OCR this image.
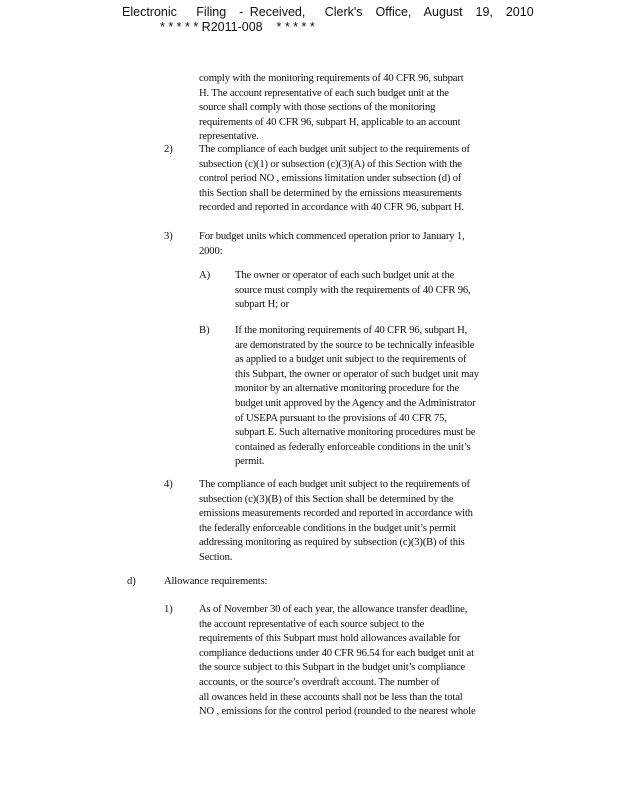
Electronic   Filing  - Received,   Clerk's  Office,  August  19,  2010
* * * * * R2011-008    * * * * *
comply with the monitoring requirements of 40 CFR 96, subpart
H. The account representative of each such budget unit at the
source shall comply with those sections of the monitoring
requirements of 40 CFR 96, subpart H, applicable to an account
representative.
2) The compliance of each budget unit subject to the requirements of
subsection (c)(1) or subsection (c)(3)(A) of this Section with the
control period NO , emissions limitation under subsection (d) of
this Section shall be determined by the emissions measurements
recorded and reported in accordance with 40 CFR 96, subpart H.
3) For budget units which commenced operation prior to January 1,
2000:
A) The owner or operator of each such budget unit at the
source must comply with the requirements of 40 CFR 96,
subpart H; or
B) If the monitoring requirements of 40 CFR 96, subpart H,
are demonstrated by the source to be technically infeasible
as applied to a budget unit subject to the requirements of
this Subpart, the owner or operator of such budget unit may
monitor by an alternative monitoring procedure for the
budget unit approved by the Agency and the Administrator
of USEPA pursuant to the provisions of 40 CFR 75,
subpart E. Such alternative monitoring procedures must be
contained as federally enforceable conditions in the unit’s
permit.
4) The compliance of each budget unit subject to the requirements of
subsection (c)(3)(B) of this Section shall be determined by the
emissions measurements recorded and reported in accordance with
the federally enforceable conditions in the budget unit’s permit
addressing monitoring as required by subsection (c)(3)(B) of this
Section.
d)	Allowance requirements:
1) As of November 30 of each year, the allowance transfer deadline,
the account representative of each source subject to the
requirements of this Subpart must hold allowances available for
compliance deductions under 40 CFR 96.54 for each budget unit at
the source subject to this Subpart in the budget unit’s compliance
accounts, or the source’s overdraft account. The number of
all owances held in these accounts shall not be less than the total
NO , emissions for the control period (rounded to the nearest whole
